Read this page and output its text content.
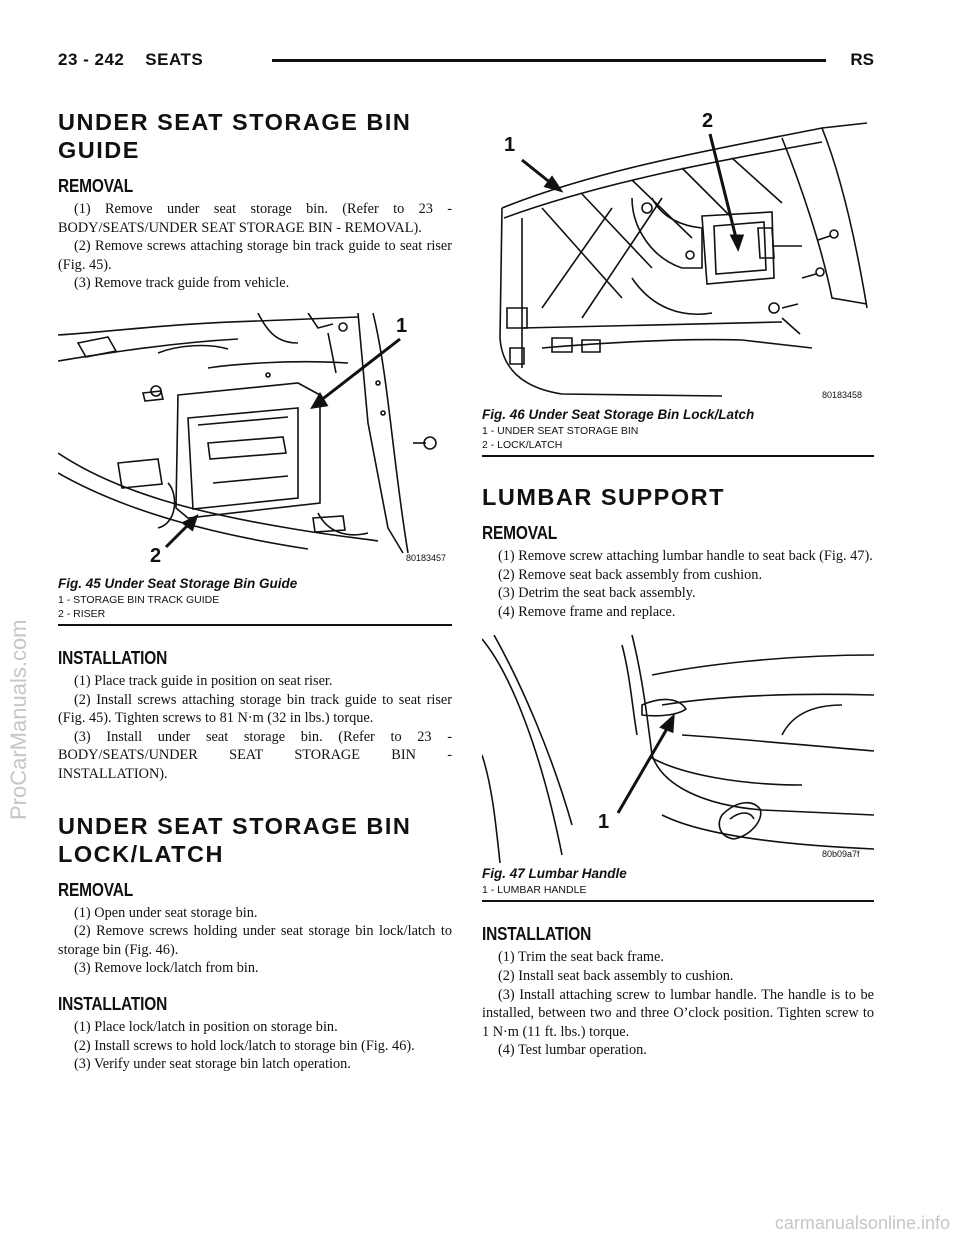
23 - 242 SEATS	RS
UNDER SEAT STORAGE BIN GUIDE
REMOVAL

(1) Remove under seat storage bin. (Refer to 23 - BODY/SEATS/UNDER SEAT STORAGE BIN - REMOVAL).

(2) Remove screws attaching storage bin track guide to seat riser (Fig. 45).

(3) Remove track guide from vehicle.

1
2	80183457
Fig. 45 Under Seat Storage Bin Guide
1 - STORAGE BIN TRACK GUIDE
2 - RISER
INSTALLATION

(1) Place track guide in position on seat riser.

(2) Install screws attaching storage bin track guide to seat riser (Fig. 45). Tighten screws to 81 N·m (32 in lbs.) torque.

(3) Install under seat storage bin. (Refer to 23 - BODY/SEATS/UNDER SEAT STORAGE BIN - INSTALLATION).

UNDER SEAT STORAGE BIN LOCK/LATCH
REMOVAL

(1) Open under seat storage bin.

(2) Remove screws holding under seat storage bin lock/latch to storage bin (Fig. 46).

(3) Remove lock/latch from bin.

INSTALLATION

(1) Place lock/latch in position on storage bin.

(2) Install screws to hold lock/latch to storage bin (Fig. 46).

(3) Verify under seat storage bin latch operation.

1
2
80183458
Fig. 46 Under Seat Storage Bin Lock/Latch
1 - UNDER SEAT STORAGE BIN
2 - LOCK/LATCH
LUMBAR SUPPORT
REMOVAL

(1) Remove screw attaching lumbar handle to seat back (Fig. 47).

(2) Remove seat back assembly from cushion.

(3) Detrim the seat back assembly.

(4) Remove frame and replace.

1
80b09a7f
Fig. 47 Lumbar Handle
1 - LUMBAR HANDLE
INSTALLATION

(1) Trim the seat back frame.

(2) Install seat back assembly to cushion.

(3) Install attaching screw to lumbar handle. The handle is to be installed, between two and three O’clock position. Tighten screw to 1 N·m (11 ft. lbs.) torque.

(4) Test lumbar operation.

ProCarManuals.com
carmanualsonline.info
